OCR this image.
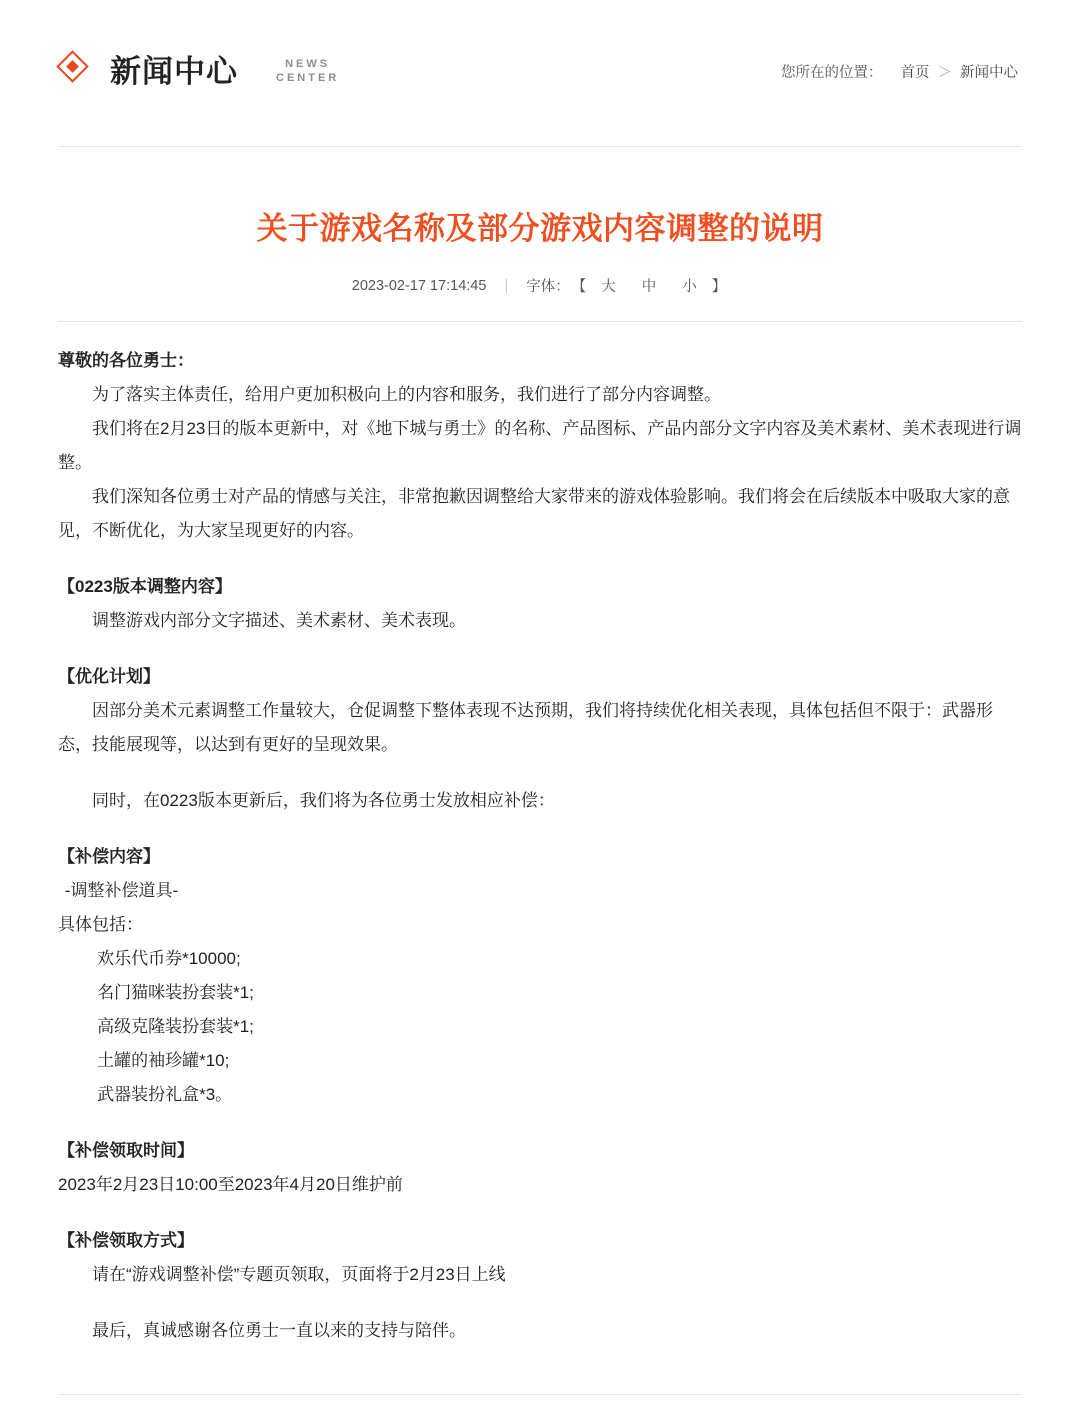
新闻中心	NEWS
CENTER	您所在的位置： 首页 ＞ 新闻中心
关于游戏名称及部分游戏内容调整的说明
2023-02-17 17:14:45 | 字体： 【 大 中 小 】

尊敬的各位勇士：

为了落实主体责任，给用户更加积极向上的内容和服务，我们进行了部分内容调整。

我们将在2月23日的版本更新中，对《地下城与勇士》的名称、产品图标、产品内部分文字内容及美术素材、美术表现进行调整。

我们深知各位勇士对产品的情感与关注，非常抱歉因调整给大家带来的游戏体验影响。我们将会在后续版本中吸取大家的意见，不断优化，为大家呈现更好的内容。

【0223版本调整内容】

调整游戏内部分文字描述、美术素材、美术表现。

【优化计划】

因部分美术元素调整工作量较大，仓促调整下整体表现不达预期，我们将持续优化相关表现，具体包括但不限于：武器形态，技能展现等，以达到有更好的呈现效果。

同时，在0223版本更新后，我们将为各位勇士发放相应补偿：

【补偿内容】

-调整补偿道具-

具体包括：

欢乐代币券*10000;

名门猫咪装扮套装*1;

高级克隆装扮套装*1;

土罐的袖珍罐*10;

武器装扮礼盒*3。

【补偿领取时间】

2023年2月23日10:00至2023年4月20日维护前

【补偿领取方式】

请在“游戏调整补偿”专题页领取，页面将于2月23日上线

最后，真诚感谢各位勇士一直以来的支持与陪伴。
